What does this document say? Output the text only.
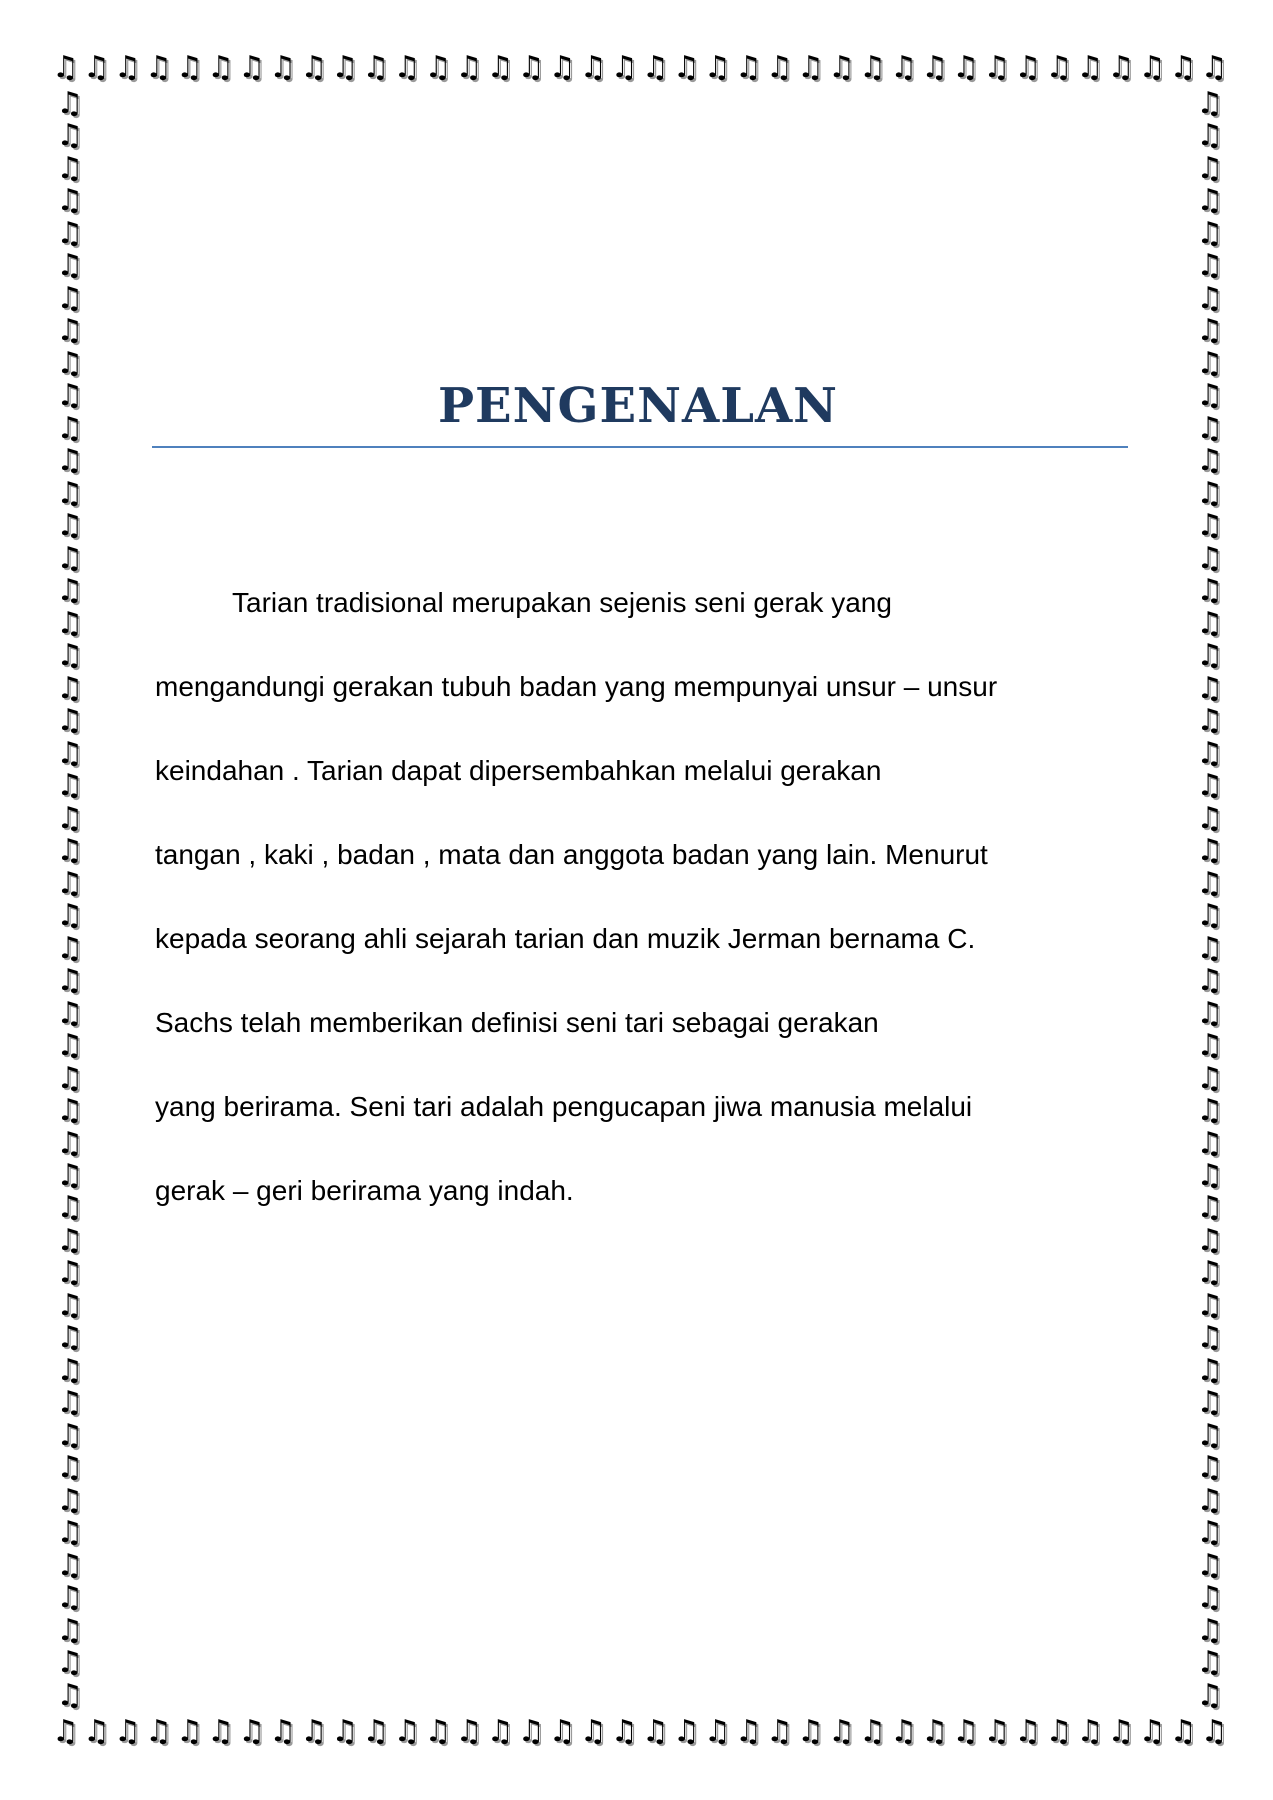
♫ ♫ ♫ ♫ ♫ ♫ ♫ ♫ ♫ ♫ ♫ ♫ ♫ ♫ ♫ ♫ ♫ ♫ ♫ ♫ ♫ ♫ ♫ ♫ ♫ ♫ ♫ ♫ ♫ ♫ ♫ ♫ ♫ ♫ ♫ ♫ ♫ ♫
♫
♫
♫
♫
♫
♫
♫
♫
♫
♫
♫
♫
♫
♫
♫
♫
♫
♫
♫
♫
♫
♫
♫
♫
♫
♫
♫
♫
♫
♫
♫
♫
♫
♫
♫
♫
♫
♫
♫
♫
♫
♫
♫
♫
♫
♫
♫
♫
♫
♫
♫
♫
♫
♫
♫
♫
♫
♫
♫
♫
♫
♫
♫
♫
♫
♫
♫
♫
♫
♫
♫
♫
♫
♫
♫
♫
♫
♫
♫
♫
♫
♫
♫
♫
♫
♫
♫
♫
♫
♫
♫
♫
♫
♫
♫
♫
♫
♫
♫
♫
♫ ♫ ♫ ♫ ♫ ♫ ♫ ♫ ♫ ♫ ♫ ♫ ♫ ♫ ♫ ♫ ♫ ♫ ♫ ♫ ♫ ♫ ♫ ♫ ♫ ♫ ♫ ♫ ♫ ♫ ♫ ♫ ♫ ♫ ♫ ♫ ♫ ♫
PENGENALAN
Tarian tradisional merupakan sejenis seni gerak yang
mengandungi gerakan tubuh badan yang mempunyai unsur – unsur
keindahan . Tarian dapat dipersembahkan melalui gerakan
tangan , kaki , badan , mata dan anggota badan yang lain. Menurut
kepada seorang ahli sejarah tarian dan muzik Jerman bernama C.
Sachs telah memberikan definisi seni tari sebagai gerakan
yang berirama. Seni tari adalah pengucapan jiwa manusia melalui
gerak – geri berirama yang indah.
